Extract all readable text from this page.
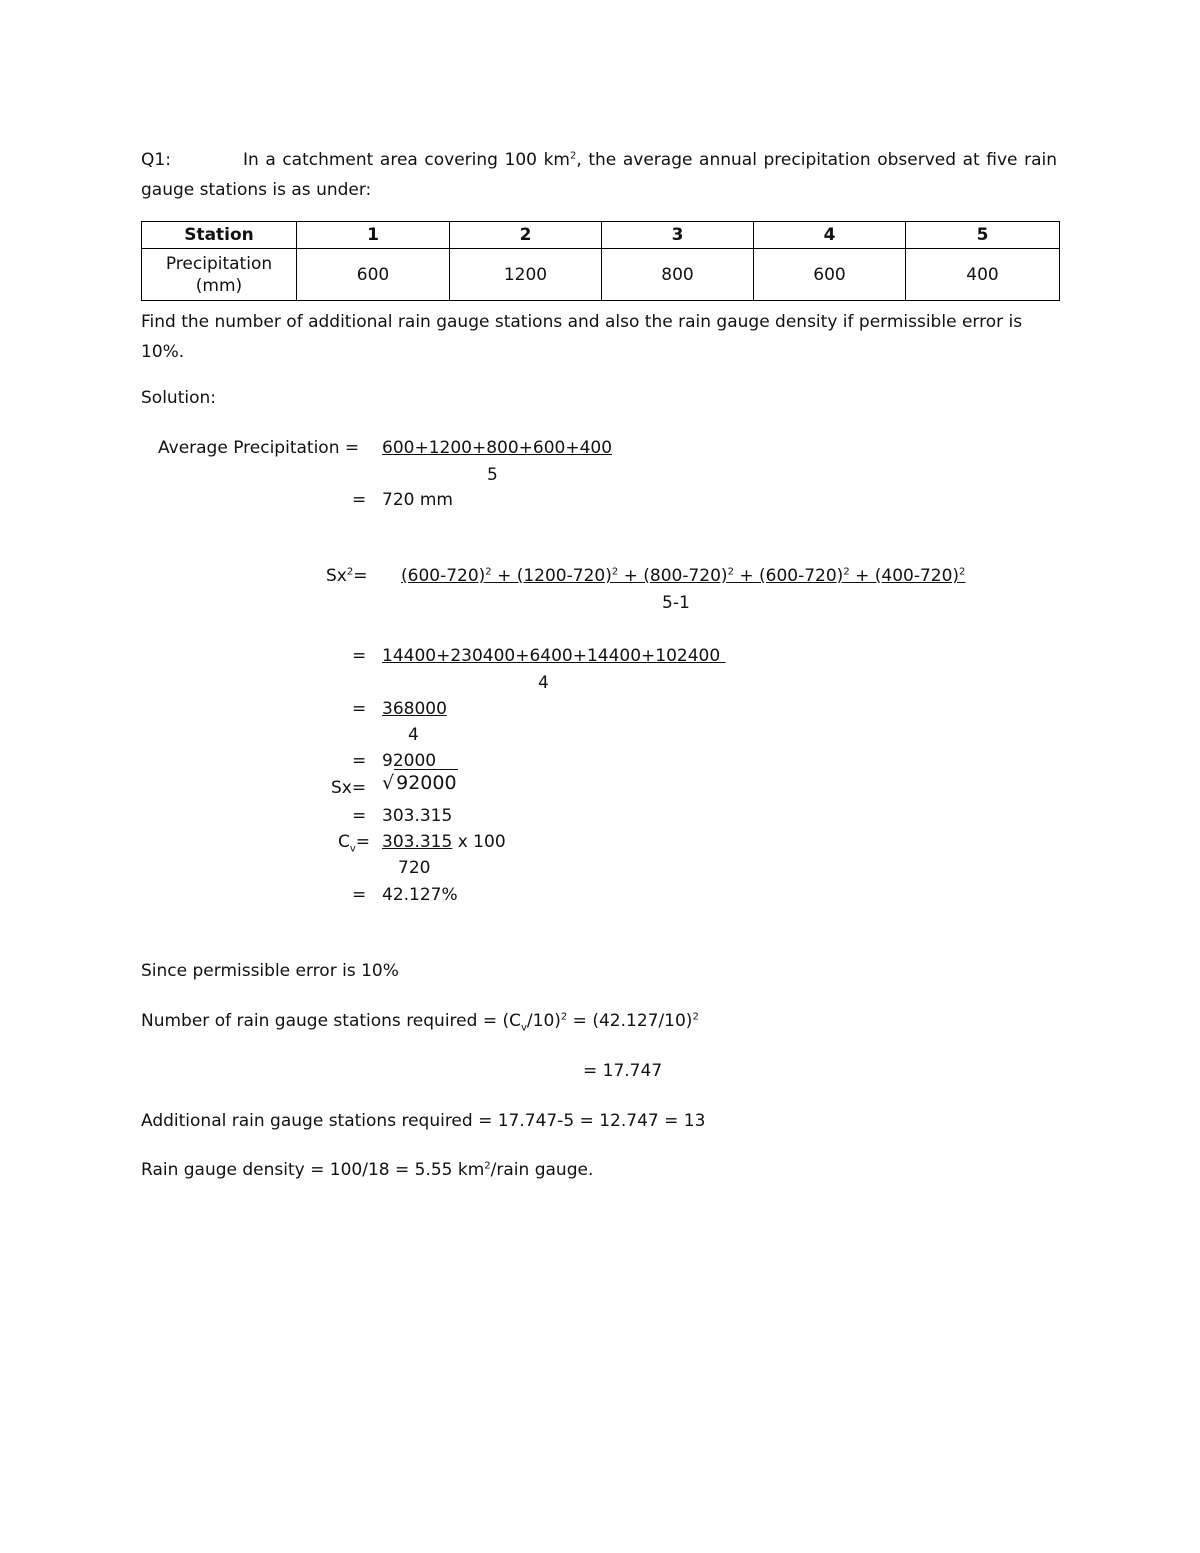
Q1:	In a catchment area covering 100 $km^2$, the average annual precipitation observed at five rain gauge stations is as under:
Station	1	2	3	4	5
Precipitation
(mm)	600	1200	800	600	400
Find the number of additional rain gauge stations and also the rain gauge density if permissible error is 10%.
Solution:
Average Precipitation = 600+1200+800+600+400
5
= 720 mm
$Sx^2= (600-720)^2 + (1200-720)^2 + (800-720)^2 + (600-720)^2 + (400-720)^2$
5-1
= 14400+230400+6400+14400+102400
4
= 368000
4
= 92000
Sx= √ 92000
= 303.315
$C_v= 303.315$ x 100
720
= 42.127%
Since permissible error is 10%
Number of rain gauge stations required = $(C_v/10)^2 = (42.127/10)^2$
= 17.747
Additional rain gauge stations required = 17.747-5 = 12.747 = 13
Rain gauge density = 100/18 = 5.55 $km^2$/rain gauge.
